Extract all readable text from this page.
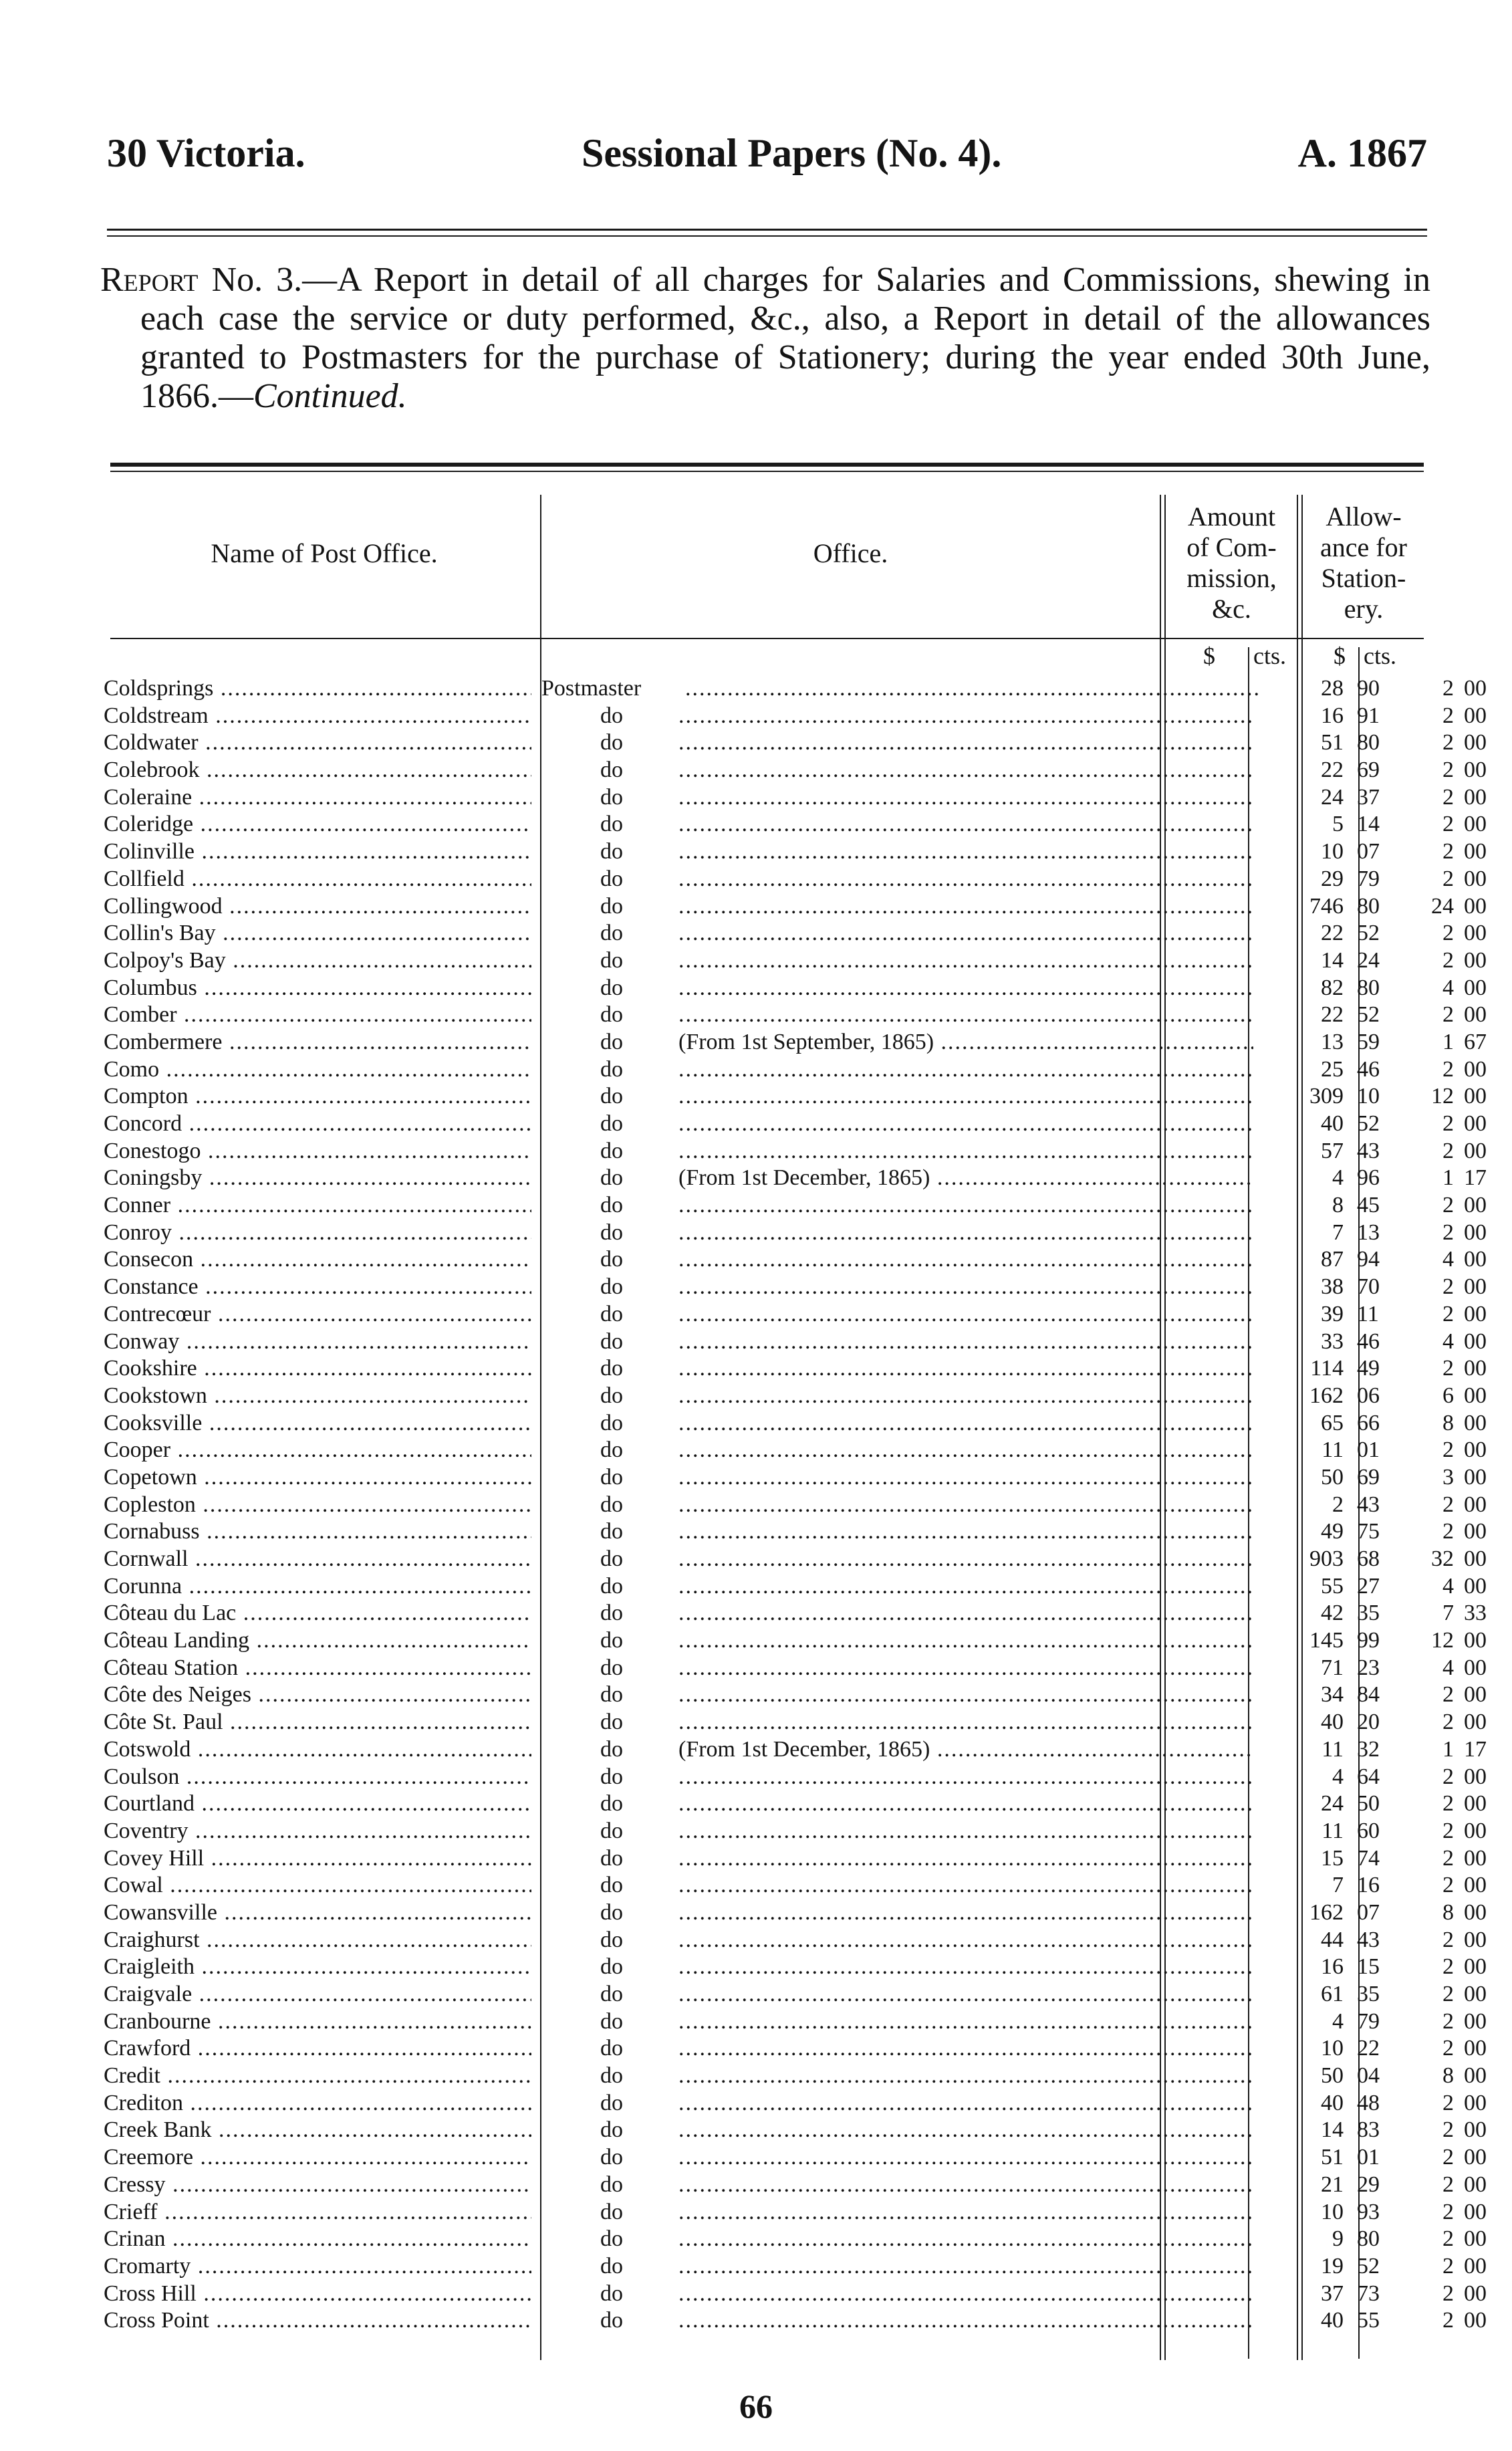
30 Victoria.	Sessional Papers (No. 4).	A. 1867
Report No. 3.—A Report in detail of all charges for Salaries and Commissions, shewing in each case the service or duty performed, &c., also, a Report in detail of the allowances granted to Postmasters for the purchase of Stationery; during the year ended 30th June, 1866.—Continued.
Name of Post Office.	Office.
Amount
of Com-
mission,
&c.
Allow-
ance for
Station-
ery.
$ cts. $ cts.
Coldsprings .....	Postmaster .....	28 90	2 00
Coldstream .....	do .....	16 91	2 00
Coldwater .....	do .....	51 80	2 00
Colebrook .....	do .....	22 69	2 00
Coleraine .....	do .....	24 37	2 00
Coleridge .....	do .....	5 14	2 00
Colinville .....	do .....	10 07	2 00
Collfield .....	do .....	29 79	2 00
Collingwood .....	do .....	746 80	24 00
Collin's Bay .....	do .....	22 52	2 00
Colpoy's Bay .....	do .....	14 24	2 00
Columbus .....	do .....	82 80	4 00
Comber .....	do .....	22 52	2 00
Combermere .....	do (From 1st September, 1865) .....	13 59	1 67
Como .....	do .....	25 46	2 00
Compton .....	do .....	309 10	12 00
Concord .....	do .....	40 52	2 00
Conestogo .....	do .....	57 43	2 00
Coningsby .....	do (From 1st December, 1865) .....	4 96	1 17
Conner .....	do .....	8 45	2 00
Conroy .....	do .....	7 13	2 00
Consecon .....	do .....	87 94	4 00
Constance .....	do .....	38 70	2 00
Contrecœur .....	do .....	39 11	2 00
Conway .....	do .....	33 46	4 00
Cookshire .....	do .....	114 49	2 00
Cookstown .....	do .....	162 06	6 00
Cooksville .....	do .....	65 66	8 00
Cooper .....	do .....	11 01	2 00
Copetown .....	do .....	50 69	3 00
Copleston .....	do .....	2 43	2 00
Cornabuss .....	do .....	49 75	2 00
Cornwall .....	do .....	903 68	32 00
Corunna .....	do .....	55 27	4 00
Côteau du Lac .....	do .....	42 35	7 33
Côteau Landing .....	do .....	145 99	12 00
Côteau Station .....	do .....	71 23	4 00
Côte des Neiges .....	do .....	34 84	2 00
Côte St. Paul .....	do .....	40 20	2 00
Cotswold .....	do (From 1st December, 1865) .....	11 32	1 17
Coulson .....	do .....	4 64	2 00
Courtland .....	do .....	24 50	2 00
Coventry .....	do .....	11 60	2 00
Covey Hill .....	do .....	15 74	2 00
Cowal .....	do .....	7 16	2 00
Cowansville .....	do .....	162 07	8 00
Craighurst .....	do .....	44 43	2 00
Craigleith .....	do .....	16 15	2 00
Craigvale .....	do .....	61 35	2 00
Cranbourne .....	do .....	4 79	2 00
Crawford .....	do .....	10 22	2 00
Credit .....	do .....	50 04	8 00
Crediton .....	do .....	40 48	2 00
Creek Bank .....	do .....	14 83	2 00
Creemore .....	do .....	51 01	2 00
Cressy .....	do .....	21 29	2 00
Crieff .....	do .....	10 93	2 00
Crinan .....	do .....	9 80	2 00
Cromarty .....	do .....	19 52	2 00
Cross Hill .....	do .....	37 73	2 00
Cross Point .....	do .....	40 55	2 00
66
